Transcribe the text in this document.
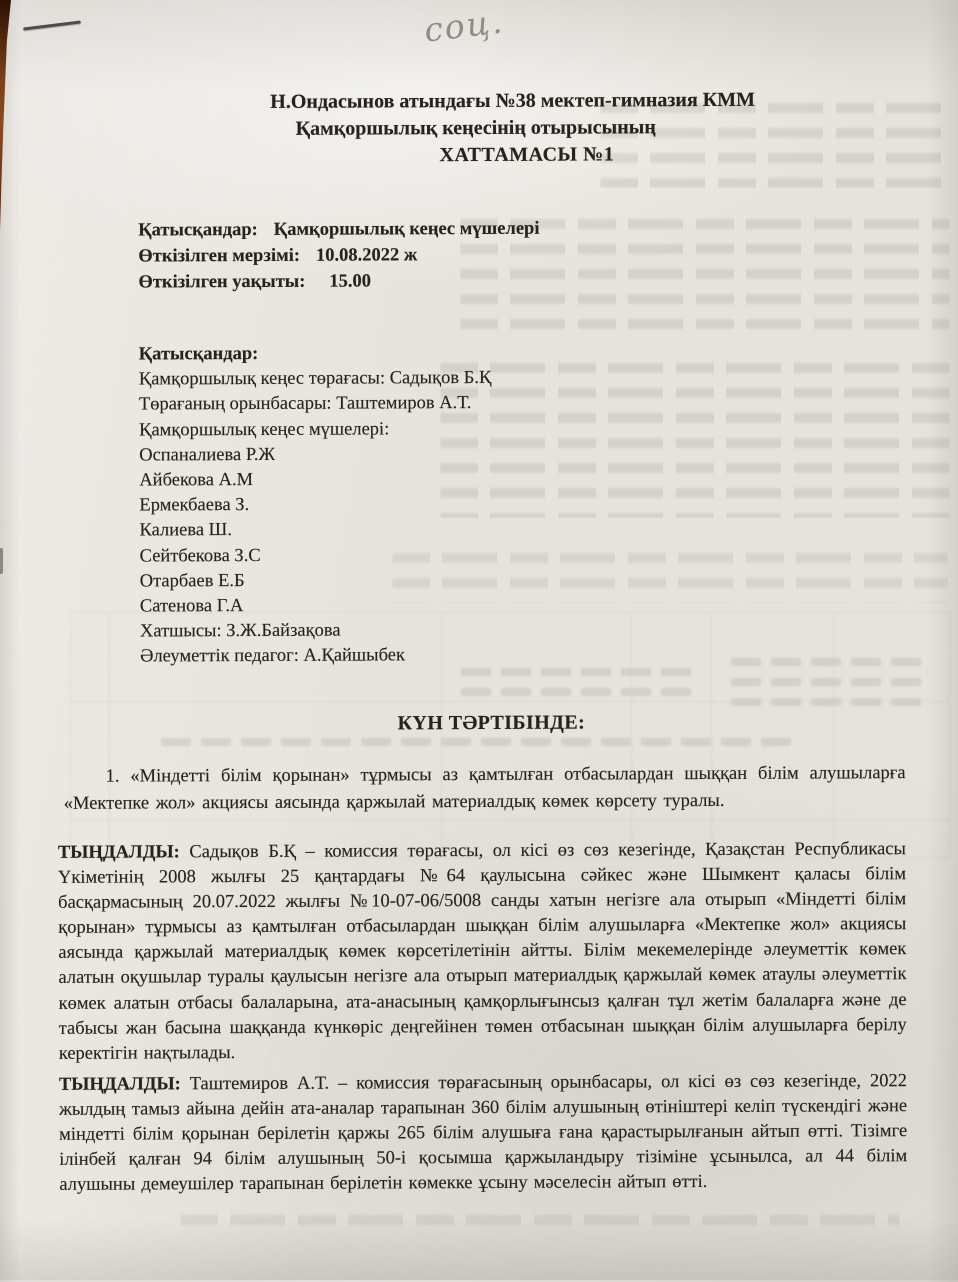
соц.
Н.Ондасынов атындағы №38 мектеп-гимназия КММ
Қамқоршылық кеңесінің отырысының
ХАТТАМАСЫ №1
Қатысқандар: Қамқоршылық кеңес мүшелері
Өткізілген мерзімі: 10.08.2022 ж
Өткізілген уақыты: 15.00
Қатысқандар:
Қамқоршылық кеңес төрағасы: Садықов Б.Қ
Төрағаның орынбасары: Таштемиров А.Т.
Қамқоршылық кеңес мүшелері:
Оспаналиева Р.Ж
Айбекова А.М
Ермекбаева З.
Калиева Ш.
Сейтбекова З.С
Отарбаев Е.Б
Сатенова Г.А
Хатшысы: З.Ж.Байзақова
Әлеуметтік педагог: А.Қайшыбек
КҮН ТӘРТІБІНДЕ:

1. «Міндетті білім қорынан» тұрмысы аз қамтылған отбасылардан шыққан білім алушыларға «Мектепке жол» акциясы аясында қаржылай материалдық көмек көрсету туралы.

ТЫҢДАЛДЫ: Садықов Б.Қ – комиссия төрағасы, ол кісі өз сөз кезегінде, Қазақстан Республикасы Үкіметінің 2008 жылғы 25 қаңтардағы №64 қаулысына сәйкес және Шымкент қаласы білім басқармасының 20.07.2022 жылғы №10-07-06/5008 санды хатын негізге ала отырып «Міндетті білім қорынан» тұрмысы аз қамтылған отбасылардан шыққан білім алушыларға «Мектепке жол» акциясы аясында қаржылай материалдық көмек көрсетілетінін айтты. Білім мекемелерінде әлеуметтік көмек алатын оқушылар туралы қаулысын негізге ала отырып материалдық қаржылай көмек атаулы әлеуметтік көмек алатын отбасы балаларына, ата-анасының қамқорлығынсыз қалған тұл жетім балаларға және де табысы жан басына шаққанда күнкөріс деңгейінен төмен отбасынан шыққан білім алушыларға берілу керектігін нақтылады.

ТЫҢДАЛДЫ: Таштемиров А.Т. – комиссия төрағасының орынбасары, ол кісі өз сөз кезегінде, 2022 жылдың тамыз айына дейін ата-аналар тарапынан 360 білім алушының өтініштері келіп түскендігі және міндетті білім қорынан берілетін қаржы 265 білім алушыға ғана қарастырылғанын айтып өтті. Тізімге ілінбей қалған 94 білім алушының 50-і қосымша қаржыландыру тізіміне ұсынылса, ал 44 білім алушыны демеушілер тарапынан берілетін көмекке ұсыну мәселесін айтып өтті.
